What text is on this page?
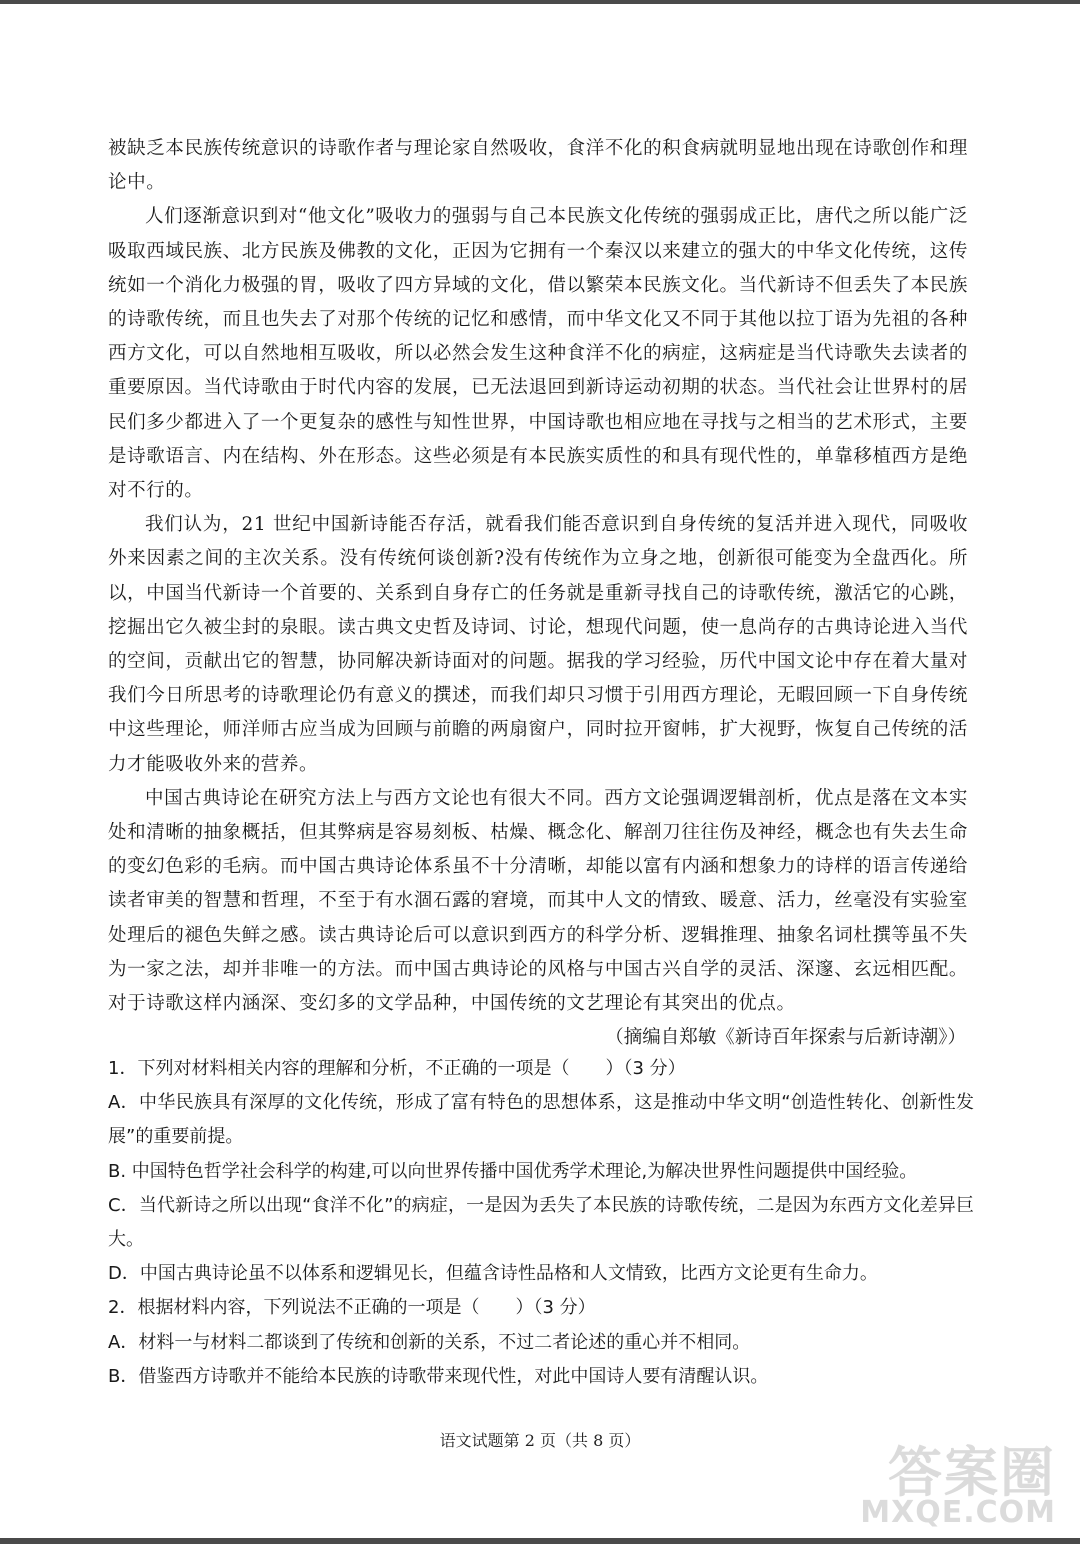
被缺乏本民族传统意识的诗歌作者与理论家自然吸收，食洋不化的积食病就明显地出现在诗歌创作和理论中。

人们逐渐意识到对“他文化”吸收力的强弱与自己本民族文化传统的强弱成正比，唐代之所以能广泛吸取西域民族、北方民族及佛教的文化，正因为它拥有一个秦汉以来建立的强大的中华文化传统，这传统如一个消化力极强的胃，吸收了四方异域的文化，借以繁荣本民族文化。当代新诗不但丢失了本民族的诗歌传统，而且也失去了对那个传统的记忆和感情，而中华文化又不同于其他以拉丁语为先祖的各种西方文化，可以自然地相互吸收，所以必然会发生这种食洋不化的病症，这病症是当代诗歌失去读者的重要原因。当代诗歌由于时代内容的发展，已无法退回到新诗运动初期的状态。当代社会让世界村的居民们多少都进入了一个更复杂的感性与知性世界，中国诗歌也相应地在寻找与之相当的艺术形式，主要是诗歌语言、内在结构、外在形态。这些必须是有本民族实质性的和具有现代性的，单靠移植西方是绝对不行的。

我们认为，21 世纪中国新诗能否存活，就看我们能否意识到自身传统的复活并进入现代，同吸收外来因素之间的主次关系。没有传统何谈创新?没有传统作为立身之地，创新很可能变为全盘西化。所以，中国当代新诗一个首要的、关系到自身存亡的任务就是重新寻找自己的诗歌传统，激活它的心跳，挖掘出它久被尘封的泉眼。读古典文史哲及诗词、讨论，想现代问题，使一息尚存的古典诗论进入当代的空间，贡献出它的智慧，协同解决新诗面对的问题。据我的学习经验，历代中国文论中存在着大量对我们今日所思考的诗歌理论仍有意义的撰述，而我们却只习惯于引用西方理论，无暇回顾一下自身传统中这些理论，师洋师古应当成为回顾与前瞻的两扇窗户，同时拉开窗帏，扩大视野，恢复自己传统的活力才能吸收外来的营养。

中国古典诗论在研究方法上与西方文论也有很大不同。西方文论强调逻辑剖析，优点是落在文本实处和清晰的抽象概括，但其弊病是容易刻板、枯燥、概念化、解剖刀往往伤及神经，概念也有失去生命的变幻色彩的毛病。而中国古典诗论体系虽不十分清晰，却能以富有内涵和想象力的诗样的语言传递给读者审美的智慧和哲理，不至于有水涸石露的窘境，而其中人文的情致、暖意、活力，丝毫没有实验室处理后的褪色失鲜之感。读古典诗论后可以意识到西方的科学分析、逻辑推理、抽象名词杜撰等虽不失为一家之法，却并非唯一的方法。而中国古典诗论的风格与中国古兴自学的灵活、深邃、玄远相匹配。对于诗歌这样内涵深、变幻多的文学品种，中国传统的文艺理论有其突出的优点。

（摘编自郑敏《新诗百年探索与后新诗潮》）

1．下列对材料相关内容的理解和分析，不正确的一项是（　　）（3 分）

A．中华民族具有深厚的文化传统，形成了富有特色的思想体系，这是推动中华文明“创造性转化、创新性发展”的重要前提。

B. 中国特色哲学社会科学的构建,可以向世界传播中国优秀学术理论,为解决世界性问题提供中国经验。

C．当代新诗之所以出现“食洋不化”的病症，一是因为丢失了本民族的诗歌传统，二是因为东西方文化差异巨大。

D．中国古典诗论虽不以体系和逻辑见长，但蕴含诗性品格和人文情致，比西方文论更有生命力。

2．根据材料内容，下列说法不正确的一项是（　　）（3 分）

A．材料一与材料二都谈到了传统和创新的关系，不过二者论述的重心并不相同。

B．借鉴西方诗歌并不能给本民族的诗歌带来现代性，对此中国诗人要有清醒认识。

语文试题第 2 页（共 8 页）
答案圈
MXQE.COM
